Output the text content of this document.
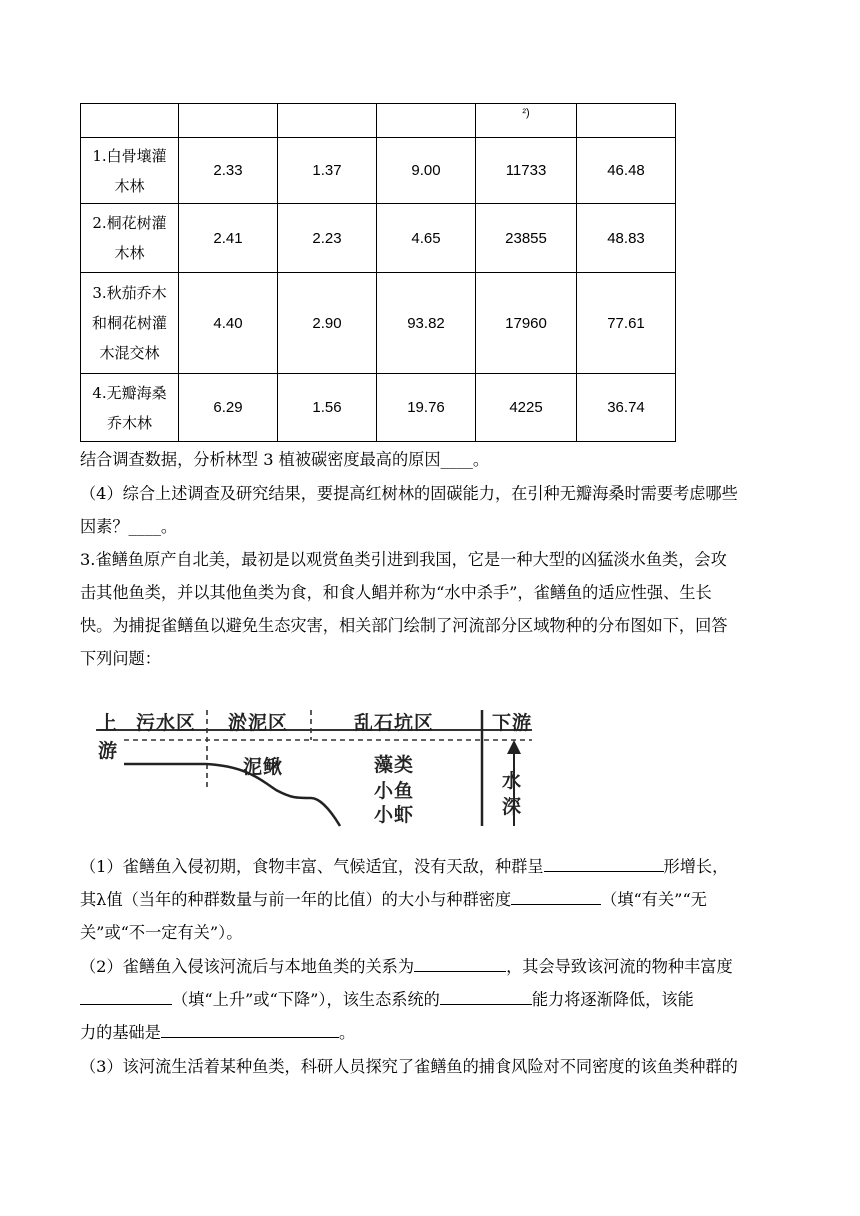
				²)	

1.白骨壤灌
木林	2.33	1.37	9.00	11733	46.48
2.桐花树灌
木林	2.41	2.23	4.65	23855	48.83
3.秋茄乔木
和桐花树灌
木混交林	4.40	2.90	93.82	17960	77.61
4.无瓣海桑
乔木林	6.29	1.56	19.76	4225	36.74
结合调查数据，分析林型 3 植被碳密度最高的原因____。
（4）综合上述调查及研究结果，要提高红树林的固碳能力，在引种无瓣海桑时需要考虑哪些
因素？____。
3.雀鳝鱼原产自北美，最初是以观赏鱼类引进到我国，它是一种大型的凶猛淡水鱼类，会攻
击其他鱼类，并以其他鱼类为食，和食人鲳并称为“水中杀手”，雀鳝鱼的适应性强、生长
快。为捕捉雀鳝鱼以避免生态灾害，相关部门绘制了河流部分区域物种的分布图如下，回答
下列问题：
上
游
污水区 淤泥区	乱石坑区	下游
泥鳅	藻类
小鱼
小虾
水
深
（1）雀鳝鱼入侵初期，食物丰富、气候适宜，没有天敌，种群呈	形增长，
其λ值（当年的种群数量与前一年的比值）的大小与种群密度	（填“有关”“无
关”或“不一定有关”）。
（2）雀鳝鱼入侵该河流后与本地鱼类的关系为	，其会导致该河流的物种丰富度
（填“上升”或“下降”），该生态系统的	能力将逐渐降低，该能
力的基础是	。
（3）该河流生活着某种鱼类，科研人员探究了雀鳝鱼的捕食风险对不同密度的该鱼类种群的
